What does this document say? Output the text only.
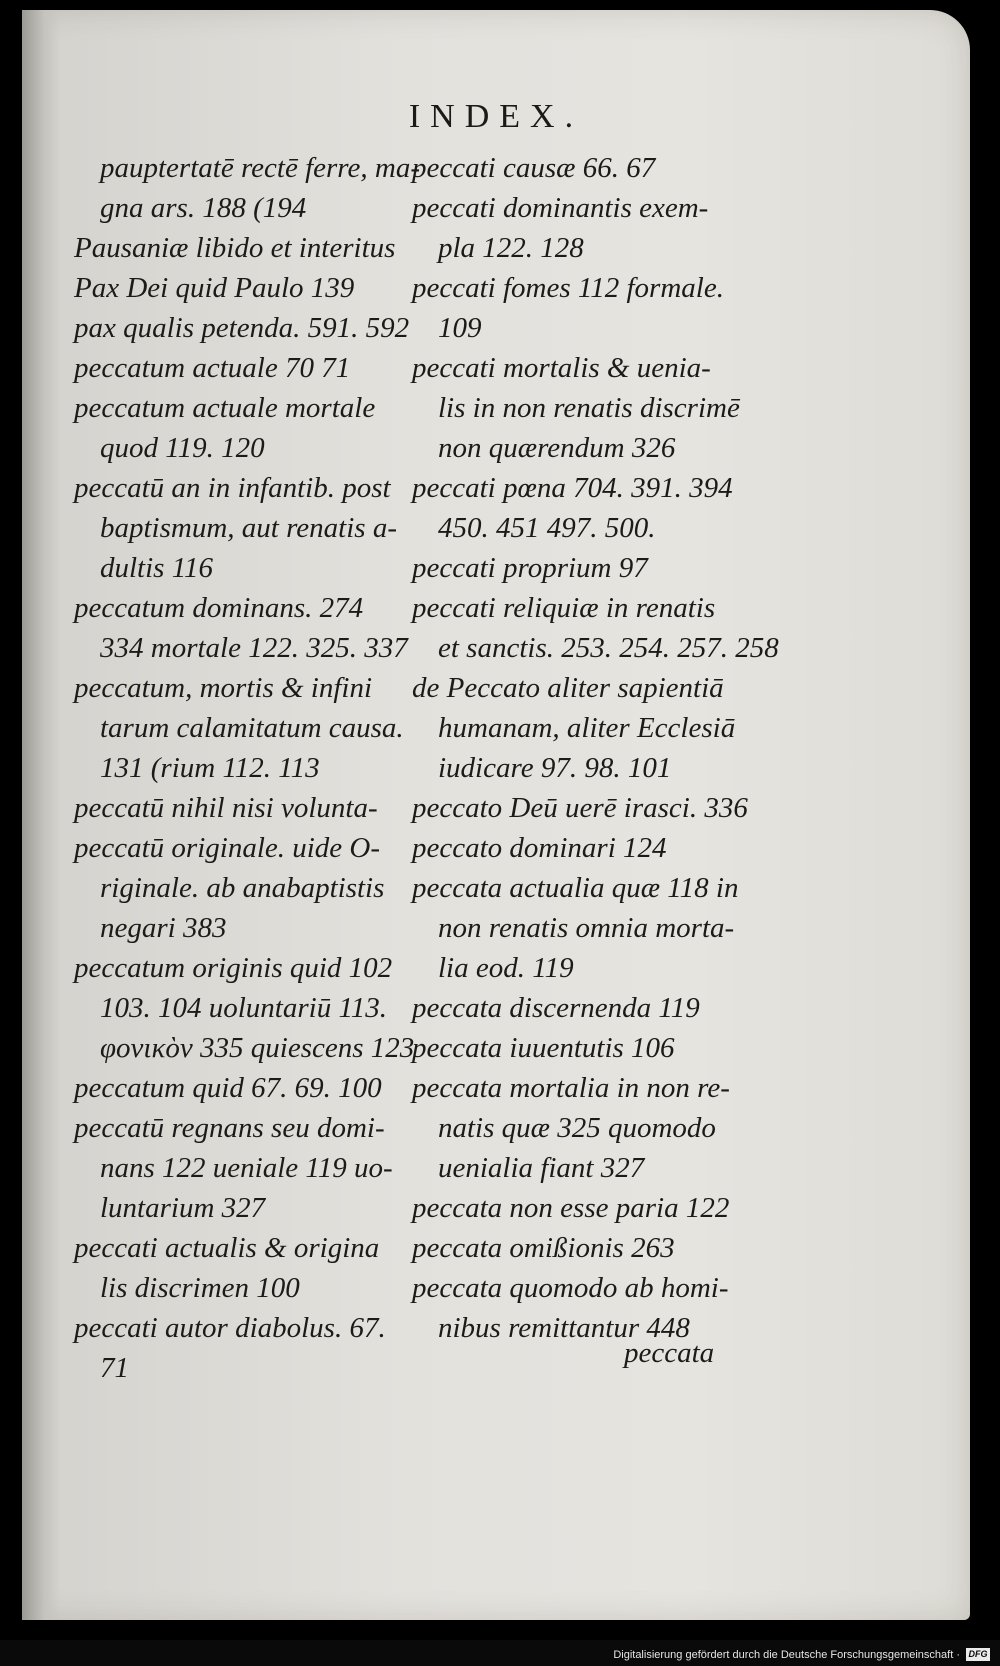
INDEX.
pauptertatē rectē ferre, ma-
gna ars. 188 (194
Pausaniæ libido et interitus
Pax Dei quid Paulo 139
pax qualis petenda. 591. 592
peccatum actuale 70 71
peccatum actuale mortale
quod 119. 120
peccatū an in infantib. post
baptismum, aut renatis a-
dultis 116
peccatum dominans. 274
334 mortale 122. 325. 337
peccatum, mortis & infini
tarum calamitatum causa.
131 (rium 112. 113
peccatū nihil nisi volunta-
peccatū originale. uide O-
riginale. ab anabaptistis
negari 383
peccatum originis quid 102
103. 104 uoluntariū 113.
φονικὸν 335 quiescens 123
peccatum quid 67. 69. 100
peccatū regnans seu domi-
nans 122 ueniale 119 uo-
luntarium 327
peccati actualis & origina
lis discrimen 100
peccati autor diabolus. 67.
71
peccati causæ 66. 67
peccati dominantis exem-
pla 122. 128
peccati fomes 112 formale.
109
peccati mortalis & uenia-
lis in non renatis discrimē
non quærendum 326
peccati pœna 704. 391. 394
450. 451 497. 500.
peccati proprium 97
peccati reliquiæ in renatis
et sanctis. 253. 254. 257. 258
de Peccato aliter sapientiā
humanam, aliter Ecclesiā
iudicare 97. 98. 101
peccato Deū uerē irasci. 336
peccato dominari 124
peccata actualia quæ 118 in
non renatis omnia morta-
lia eod. 119
peccata discernenda 119
peccata iuuentutis 106
peccata mortalia in non re-
natis quæ 325 quomodo
uenialia fiant 327
peccata non esse paria 122
peccata omißionis 263
peccata quomodo ab homi-
nibus remittantur 448
peccata
Digitalisierung gefördert durch die Deutsche Forschungsgemeinschaft · DFG
